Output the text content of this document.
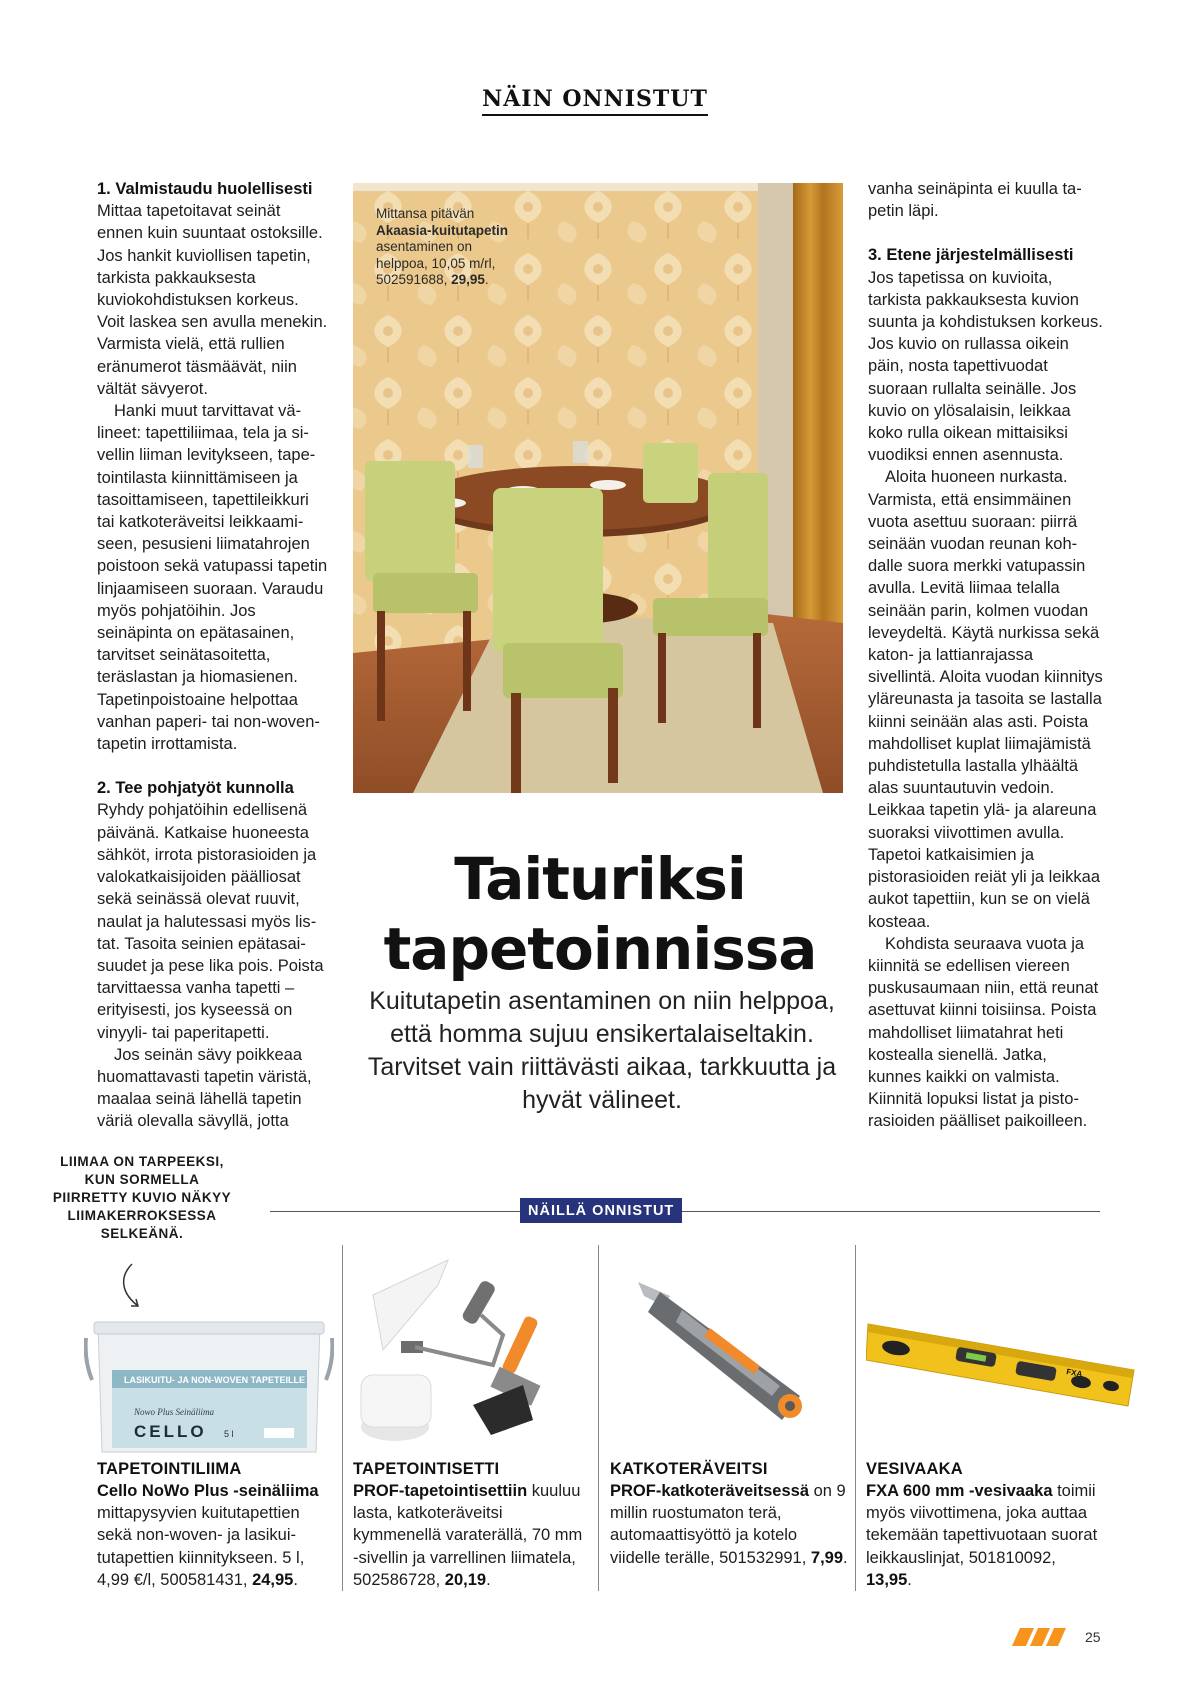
NÄIN ONNISTUT
1. Valmistaudu huolellisesti

Mittaa tapetoitavat seinät ennen kuin suuntaat ostoksille. Jos hankit kuviollisen tapetin, tarkista pakkauksesta kuviokohdistuksen korkeus. Voit laskea sen avulla menekin. Varmista vielä, että rullien eränumerot täsmäävät, niin vältät sävyerot.

Hanki muut tarvittavat välineet: tapettiliimaa, tela ja sivellin liiman levitykseen, tapetointilasta kiinnittämiseen ja tasoittamiseen, tapettileikkuri tai katkoteräveitsi leikkaamiseen, pesusieni liimatahrojen poistoon sekä vatupassi tapetin linjaamiseen suoraan. Varaudu myös pohjatöihin. Jos seinäpinta on epätasainen, tarvitset seinätasoitetta, teräslastan ja hiomasienen. Tapetinpoistoaine helpottaa vanhan paperi- tai non-woven-tapetin irrottamista.

2. Tee pohjatyöt kunnolla

Ryhdy pohjatöihin edellisenä päivänä. Katkaise huoneesta sähköt, irrota pistorasioiden ja valokatkaisijoiden päälliosat sekä seinässä olevat ruuvit, naulat ja halutessasi myös listat. Tasoita seinien epätasaisuudet ja pese lika pois. Poista tarvittaessa vanha tapetti – erityisesti, jos kyseessä on vinyyli- tai paperitapetti.

Jos seinän sävy poikkeaa huomattavasti tapetin väristä, maalaa seinä lähellä tapetin väriä olevalla sävyllä, jotta

Mittansa pitävän Akaasia-kuitutapetin asentaminen on helppoa, 10,05 m/rl, 502591688, 29,95.
Taituriksi
tapetoinnissa
Kuitutapetin asentaminen on niin helppoa, että homma sujuu ensikertalaiseltakin. Tarvitset vain riittävästi aikaa, tarkkuutta ja hyvät välineet.

vanha seinäpinta ei kuulla tapetin läpi.

3. Etene järjestelmällisesti

Jos tapetissa on kuvioita, tarkista pakkauksesta kuvion suunta ja kohdistuksen korkeus. Jos kuvio on rullassa oikein päin, nosta tapettivuodat suoraan rullalta seinälle. Jos kuvio on ylösalaisin, leikkaa koko rulla oikean mittaisiksi vuodiksi ennen asennusta.

Aloita huoneen nurkasta. Varmista, että ensimmäinen vuota asettuu suoraan: piirrä seinään vuodan reunan kohdalle suora merkki vatupassin avulla. Levitä liimaa telalla seinään parin, kolmen vuodan leveydeltä. Käytä nurkissa sekä katon- ja lattianrajassa sivellintä. Aloita vuodan kiinnitys yläreunasta ja tasoita se lastalla kiinni seinään alas asti. Poista mahdolliset kuplat liimajämistä puhdistetulla lastalla ylhäältä alas suuntautuvin vedoin. Leikkaa tapetin ylä- ja alareuna suoraksi viivottimen avulla. Tapetoi katkaisimien ja pistorasioiden reiät yli ja leikkaa aukot tapettiin, kun se on vielä kosteaa.

Kohdista seuraava vuota ja kiinnitä se edellisen viereen puskusaumaan niin, että reunat asettuvat kiinni toisiinsa. Poista mahdolliset liimatahrat heti kostealla sienellä. Jatka, kunnes kaikki on valmista. Kiinnitä lopuksi listat ja pistorasioiden päälliset paikoilleen.

LIIMAA ON TARPEEKSI, KUN SORMELLA PIIRRETTY KUVIO NÄKYY LIIMAKERROKSESSA SELKEÄNÄ.
NÄILLÄ ONNISTUT
LASIKUITU- JA NON-WOVEN TAPETEILLE
Nowo Plus Seinäliima
CELLO 5 l
FXA
TAPETOINTILIIMA
Cello NoWo Plus -seinäliima mittapysyvien kuitutapettien sekä non-woven- ja lasikuitutapettien kiinnitykseen. 5 l, 4,99 €/l, 500581431, 24,95.
TAPETOINTISETTI
PROF-tapetointisettiin kuuluu lasta, katkoteräveitsi kymmenellä varaterällä, 70 mm -sivellin ja varrellinen liimatela, 502586728, 20,19.
KATKOTERÄVEITSI
PROF-katkoteräveitsessä on 9 millin ruostumaton terä, automaattisyöttö ja kotelo viidelle terälle, 501532991, 7,99.
VESIVAAKA
FXA 600 mm -vesivaaka toimii myös viivottimena, joka auttaa tekemään tapettivuotaan suorat leikkauslinjat, 501810092, 13,95.
25
